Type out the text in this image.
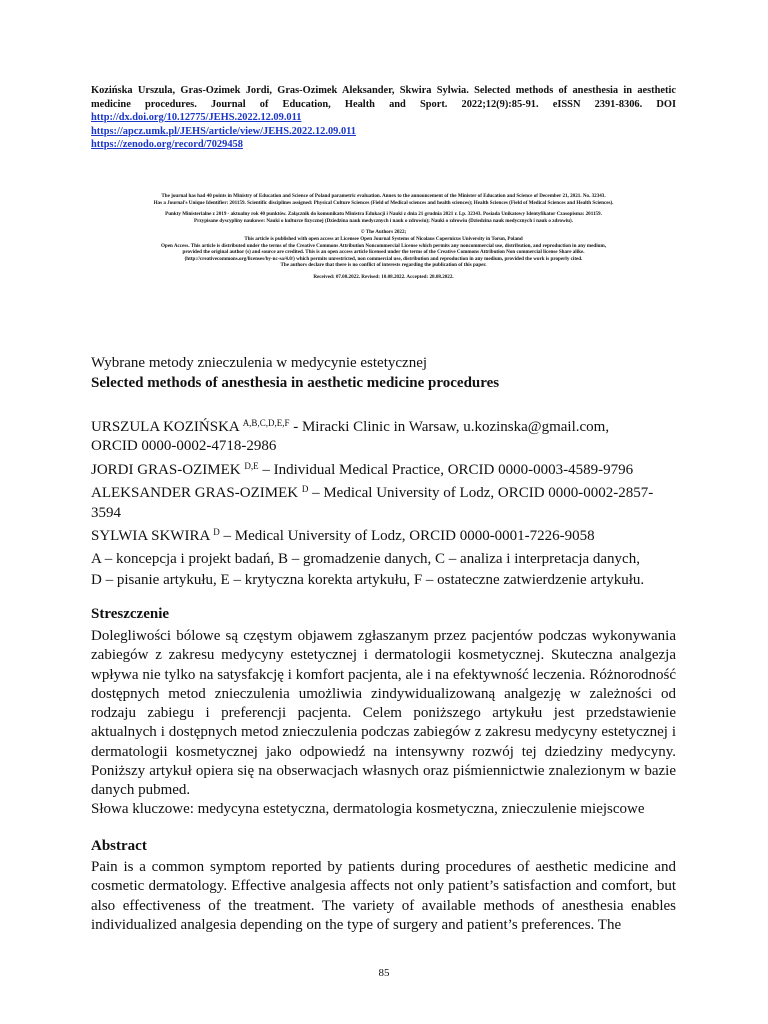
Kozińska Urszula, Gras-Ozimek Jordi, Gras-Ozimek Aleksander, Skwira Sylwia. Selected methods of anesthesia in aesthetic medicine procedures. Journal of Education, Health and Sport. 2022;12(9):85-91. eISSN 2391-8306. DOI
http://dx.doi.org/10.12775/JEHS.2022.12.09.011
https://apcz.umk.pl/JEHS/article/view/JEHS.2022.12.09.011
https://zenodo.org/record/7029458

The journal has had 40 points in Ministry of Education and Science of Poland parametric evaluation. Annex to the announcement of the Minister of Education and Science of December 21, 2021. No. 32343.

Has a Journal's Unique Identifier: 201159. Scientific disciplines assigned: Physical Culture Sciences (Field of Medical sciences and health sciences); Health Sciences (Field of Medical Sciences and Health Sciences).

Punkty Ministerialne z 2019 - aktualny rok 40 punktów. Załącznik do komunikatu Ministra Edukacji i Nauki z dnia 21 grudnia 2021 r. Lp. 32343. Posiada Unikatowy Identyfikator Czasopisma: 201159.

Przypisane dyscypliny naukowe: Nauki o kulturze fizycznej (Dziedzina nauk medycznych i nauk o zdrowiu); Nauki o zdrowiu (Dziedzina nauk medycznych i nauk o zdrowiu).

© The Authors 2022;

This article is published with open access at Licensee Open Journal Systems of Nicolaus Copernicus University in Torun, Poland

Open Access. This article is distributed under the terms of the Creative Commons Attribution Noncommercial License which permits any noncommercial use, distribution, and reproduction in any medium,

provided the original author (s) and source are credited. This is an open access article licensed under the terms of the Creative Commons Attribution Non commercial license Share alike.

(http://creativecommons.org/licenses/by-nc-sa/4.0/) which permits unrestricted, non commercial use, distribution and reproduction in any medium, provided the work is properly cited.

The authors declare that there is no conflict of interests regarding the publication of this paper.

Received: 07.08.2022. Revised: 10.08.2022. Accepted: 28.08.2022.

Wybrane metody znieczulenia w medycynie estetycznej
Selected methods of anesthesia in aesthetic medicine procedures
URSZULA KOZIŃSKA $^{A,B,C,D,E,F}$ - Miracki Clinic in Warsaw, u.kozinska@gmail.com,
ORCID 0000-0002-4718-2986
JORDI GRAS-OZIMEK $^{D,E}$ – Individual Medical Practice, ORCID 0000-0003-4589-9796
ALEKSANDER GRAS-OZIMEK $^D$ – Medical University of Lodz, ORCID 0000-0002-2857-
3594
SYLWIA SKWIRA $^D$ – Medical University of Lodz, ORCID 0000-0001-7226-9058
A – koncepcja i projekt badań, B – gromadzenie danych, C – analiza i interpretacja danych,
D – pisanie artykułu, E – krytyczna korekta artykułu, F – ostateczne zatwierdzenie artykułu.
Streszczenie
Dolegliwości bólowe są częstym objawem zgłaszanym przez pacjentów podczas wykonywania zabiegów z zakresu medycyny estetycznej i dermatologii kosmetycznej. Skuteczna analgezja wpływa nie tylko na satysfakcję i komfort pacjenta, ale i na efektywność leczenia. Różnorodność dostępnych metod znieczulenia umożliwia zindywidualizowaną analgezję w zależności od rodzaju zabiegu i preferencji pacjenta. Celem poniższego artykułu jest przedstawienie aktualnych i dostępnych metod znieczulenia podczas zabiegów z zakresu medycyny estetycznej i dermatologii kosmetycznej jako odpowiedź na intensywny rozwój tej dziedziny medycyny. Poniższy artykuł opiera się na obserwacjach własnych oraz piśmiennictwie znalezionym w bazie danych pubmed.
Słowa kluczowe: medycyna estetyczna, dermatologia kosmetyczna, znieczulenie miejscowe
Abstract
Pain is a common symptom reported by patients during procedures of aesthetic medicine and cosmetic dermatology. Effective analgesia affects not only patient’s satisfaction and comfort, but also effectiveness of the treatment. The variety of available methods of anesthesia enables individualized analgesia depending on the type of surgery and patient’s preferences. The
85
